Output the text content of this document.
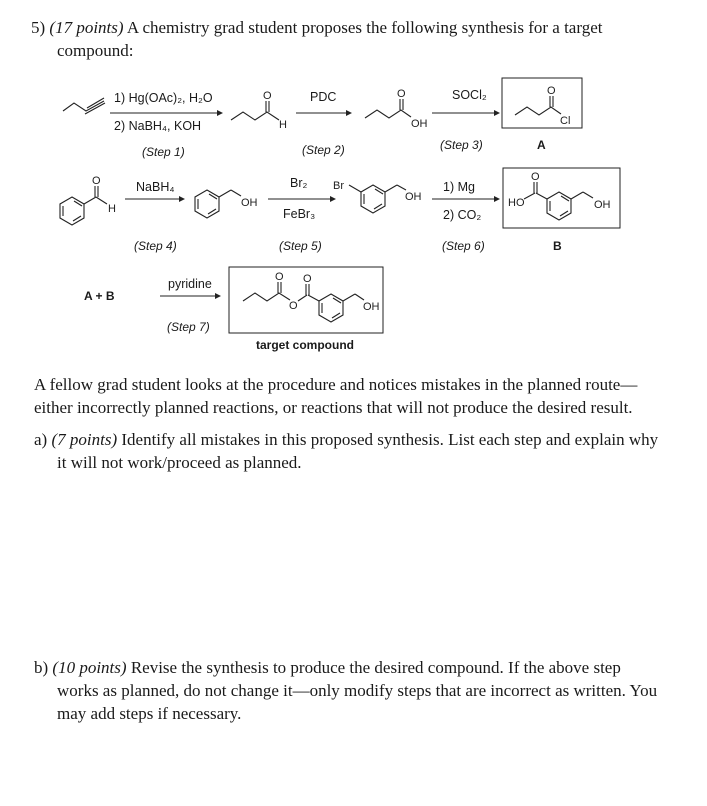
5) (17 points) A chemistry grad student proposes the following synthesis for a target
compound:
O
H
O
OH
O
Cl
O
H	OH
Br
OH	HO
O
OH
O
O
O
OH
1) Hg(OAc)₂, H₂O
2) NaBH₄, KOH
(Step 1)
PDC
(Step 2)
SOCl₂
(Step 3)	A
NaBH₄
(Step 4)
Br₂
FeBr₃
(Step 5)
1) Mg
2) CO₂
(Step 6)	B
A + B
pyridine
(Step 7)
target compound
A fellow grad student looks at the procedure and notices mistakes in the planned route—
either incorrectly planned reactions, or reactions that will not produce the desired result.
a) (7 points) Identify all mistakes in this proposed synthesis. List each step and explain why
it will not work/proceed as planned.
b) (10 points) Revise the synthesis to produce the desired compound. If the above step
works as planned, do not change it—only modify steps that are incorrect as written. You
may add steps if necessary.
